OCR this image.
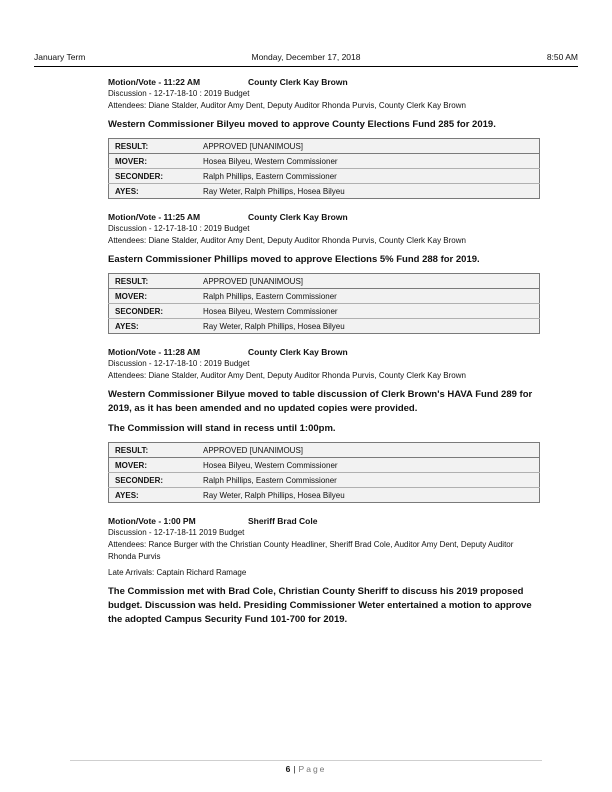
January Term	Monday, December 17, 2018	8:50 AM
Motion/Vote - 11:22 AM	County Clerk Kay Brown
Discussion - 12-17-18-10 : 2019 Budget
Attendees: Diane Stalder, Auditor Amy Dent, Deputy Auditor Rhonda Purvis, County Clerk Kay Brown
Western Commissioner Bilyeu moved to approve County Elections Fund 285 for 2019.
RESULT:	APPROVED [UNANIMOUS]
MOVER:	Hosea Bilyeu, Western Commissioner
SECONDER:	Ralph Phillips, Eastern Commissioner
AYES:	Ray Weter, Ralph Phillips, Hosea Bilyeu
Motion/Vote - 11:25 AM	County Clerk Kay Brown
Discussion - 12-17-18-10 : 2019 Budget
Attendees: Diane Stalder, Auditor Amy Dent, Deputy Auditor Rhonda Purvis, County Clerk Kay Brown
Eastern Commissioner Phillips moved to approve Elections 5% Fund 288 for 2019.
RESULT:	APPROVED [UNANIMOUS]
MOVER:	Ralph Phillips, Eastern Commissioner
SECONDER:	Hosea Bilyeu, Western Commissioner
AYES:	Ray Weter, Ralph Phillips, Hosea Bilyeu
Motion/Vote - 11:28 AM	County Clerk Kay Brown
Discussion - 12-17-18-10 : 2019 Budget
Attendees: Diane Stalder, Auditor Amy Dent, Deputy Auditor Rhonda Purvis, County Clerk Kay Brown
Western Commissioner Bilyue moved to table discussion of Clerk Brown's HAVA Fund 289 for 2019, as it has been amended and no updated copies were provided.
The Commission will stand in recess until 1:00pm.
RESULT:	APPROVED [UNANIMOUS]
MOVER:	Hosea Bilyeu, Western Commissioner
SECONDER:	Ralph Phillips, Eastern Commissioner
AYES:	Ray Weter, Ralph Phillips, Hosea Bilyeu
Motion/Vote - 1:00 PM	Sheriff Brad Cole
Discussion - 12-17-18-11 2019 Budget
Attendees: Rance Burger with the Christian County Headliner, Sheriff Brad Cole, Auditor Amy Dent, Deputy Auditor Rhonda Purvis
Late Arrivals: Captain Richard Ramage
The Commission met with Brad Cole, Christian County Sheriff to discuss his 2019 proposed budget. Discussion was held. Presiding Commissioner Weter entertained a motion to approve the adopted Campus Security Fund 101-700 for 2019.
6 | Page
